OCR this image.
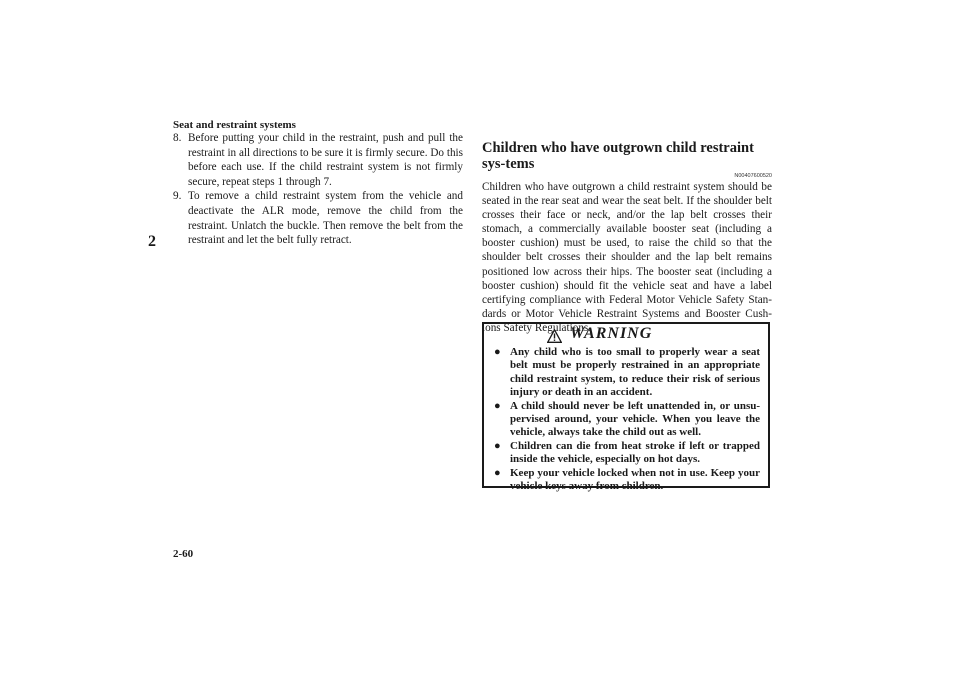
Seat and restraint systems
2
8. Before putting your child in the restraint, push and pull the restraint in all directions to be sure it is firmly secure. Do this before each use. If the child restraint system is not firmly secure, repeat steps 1 through 7.
9. To remove a child restraint system from the vehicle and deactivate the ALR mode, remove the child from the restraint. Unlatch the buckle. Then remove the belt from the restraint and let the belt fully retract.
Children who have outgrown child restraint sys-tems
N00407600520

Children who have outgrown a child restraint system should be seated in the rear seat and wear the seat belt. If the shoulder belt crosses their face or neck, and/or the lap belt crosses their stomach, a commercially available booster seat (including a booster cushion) must be used, to raise the child so that the shoulder belt crosses their shoulder and the lap belt remains positioned low across their hips. The booster seat (including a booster cushion) should fit the vehicle seat and have a label certifying compliance with Federal Motor Vehicle Safety Stan-dards or Motor Vehicle Restraint Systems and Booster Cush-ions Safety Regulations.

WARNING
● Any child who is too small to properly wear a seat belt must be properly restrained in an appropriate child restraint system, to reduce their risk of serious injury or death in an accident.
● A child should never be left unattended in, or unsu-pervised around, your vehicle. When you leave the vehicle, always take the child out as well.
● Children can die from heat stroke if left or trapped inside the vehicle, especially on hot days.
● Keep your vehicle locked when not in use. Keep your vehicle keys away from children.
2-60
